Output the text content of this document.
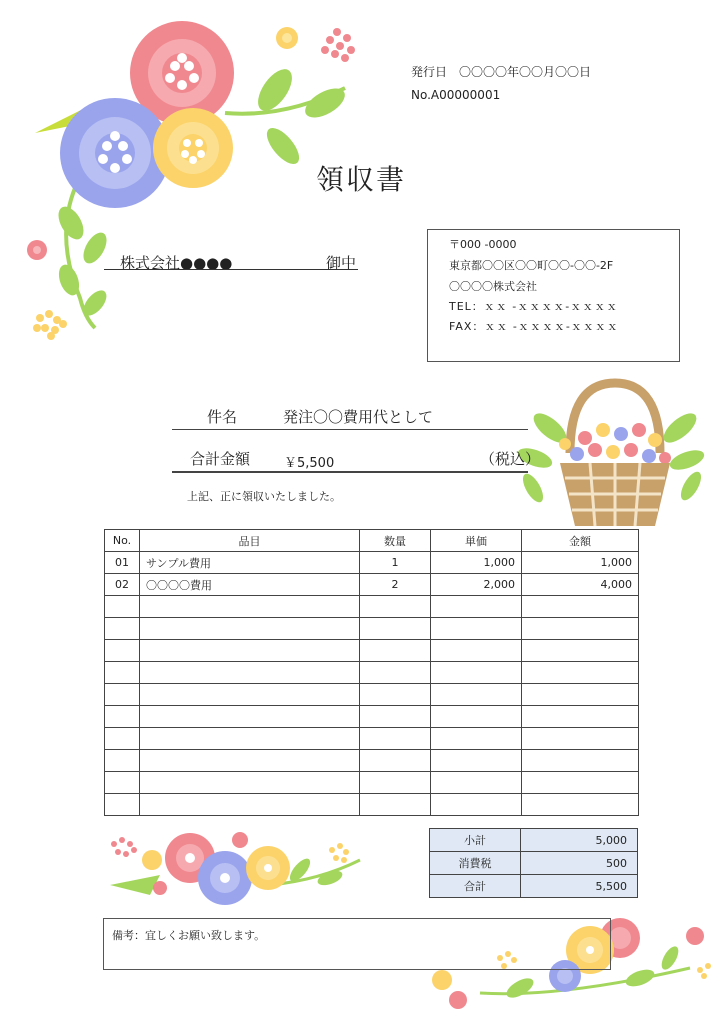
発行日 〇〇〇〇年〇〇月〇〇日
No.A00000001
領収書
株式会社●●●●	御中
〒000 -0000
東京都〇〇区〇〇町〇〇-〇〇-2F
〇〇〇〇株式会社
TEL：ｘｘ -ｘｘｘｘ-ｘｘｘｘ
FAX：ｘｘ -ｘｘｘｘ-ｘｘｘｘ
件名	発注〇〇費用代として
合計金額	￥5,500	（税込）
上記、正に領収いたしました。
No.	品目	数量	単価	金額
01	サンプル費用	1	1,000	1,000
02	〇〇〇〇費用	2	2,000	4,000

小計	5,000
消費税	500
合計	5,500
備考：宜しくお願い致します。
